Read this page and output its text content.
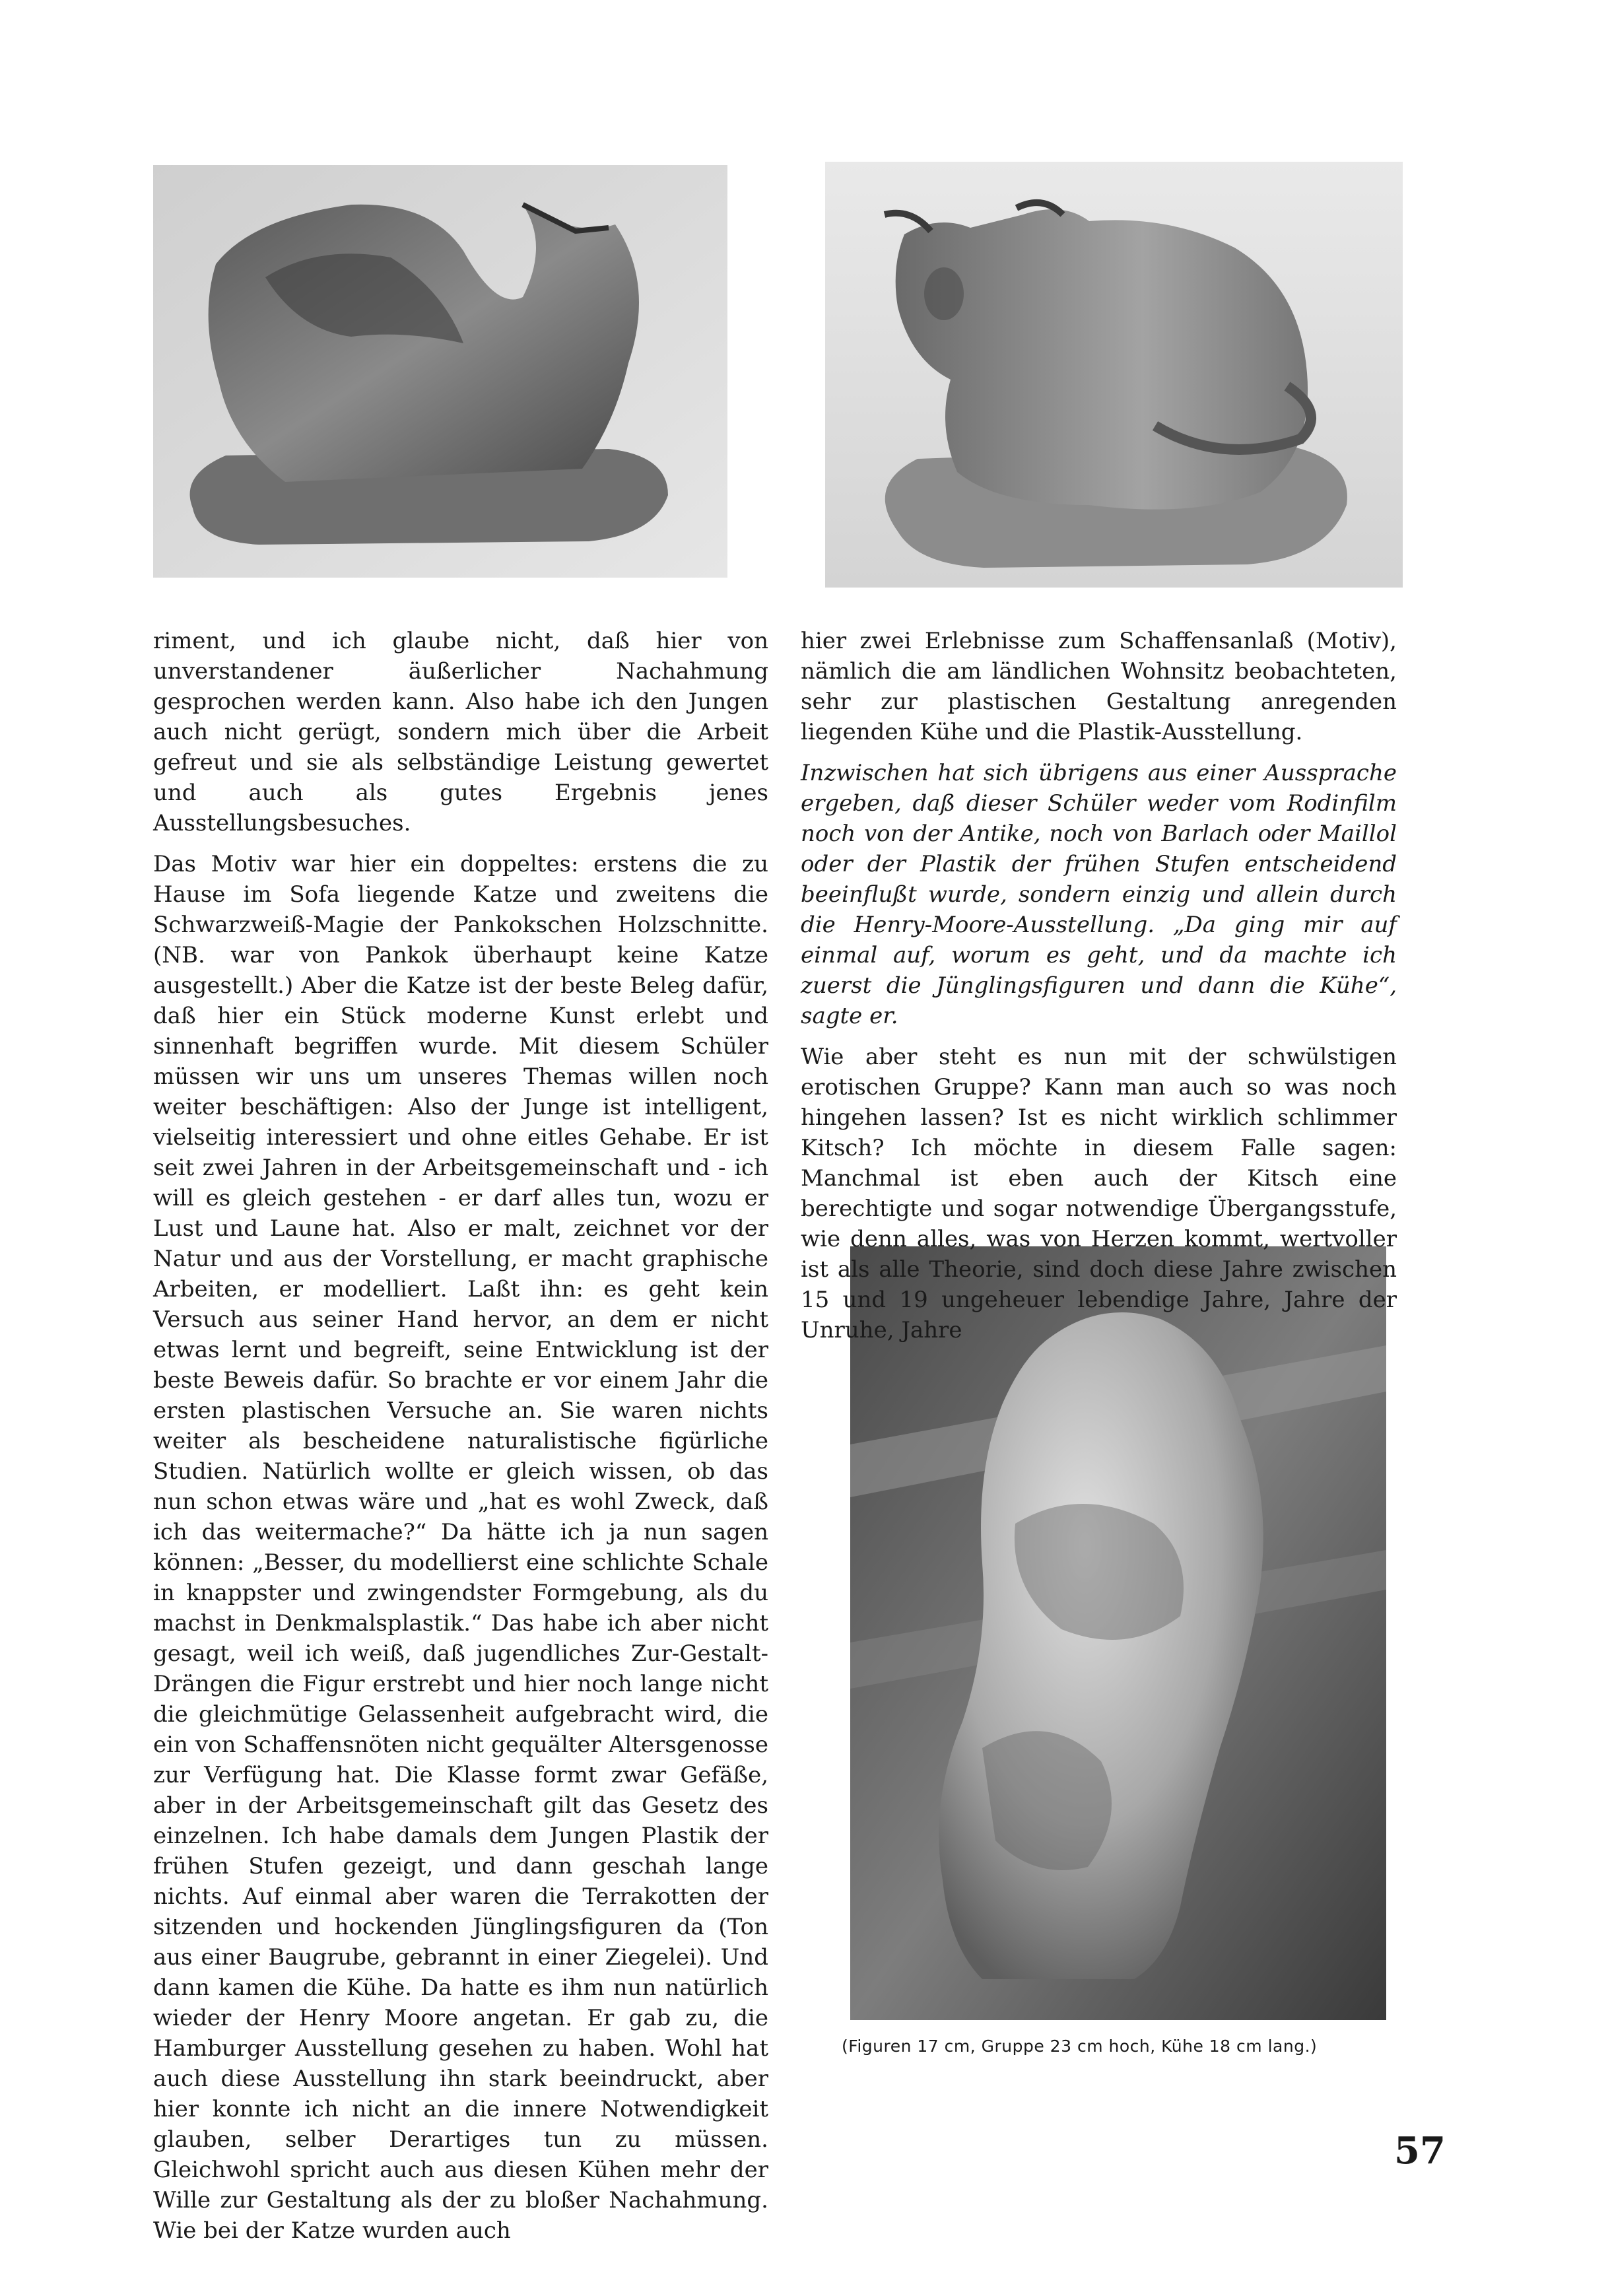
riment, und ich glaube nicht, daß hier von unverstandener äußerlicher Nachahmung gesprochen werden kann. Also habe ich den Jungen auch nicht gerügt, sondern mich über die Arbeit gefreut und sie als selbständige Leistung gewertet und auch als gutes Ergebnis jenes Ausstellungsbesuches.

Das Motiv war hier ein doppeltes: erstens die zu Hause im Sofa liegende Katze und zweitens die Schwarzweiß-Magie der Pankokschen Holzschnitte. (NB. war von Pankok überhaupt keine Katze ausgestellt.) Aber die Katze ist der beste Beleg dafür, daß hier ein Stück moderne Kunst erlebt und sinnenhaft begriffen wurde. Mit diesem Schüler müssen wir uns um unseres Themas willen noch weiter beschäftigen: Also der Junge ist intelligent, vielseitig interessiert und ohne eitles Gehabe. Er ist seit zwei Jahren in der Arbeitsgemeinschaft und - ich will es gleich gestehen - er darf alles tun, wozu er Lust und Laune hat. Also er malt, zeichnet vor der Natur und aus der Vorstellung, er macht graphische Arbeiten, er modelliert. Laßt ihn: es geht kein Versuch aus seiner Hand hervor, an dem er nicht etwas lernt und begreift, seine Entwicklung ist der beste Beweis dafür. So brachte er vor einem Jahr die ersten plastischen Versuche an. Sie waren nichts weiter als bescheidene naturalistische figürliche Studien. Natürlich wollte er gleich wissen, ob das nun schon etwas wäre und „hat es wohl Zweck, daß ich das weitermache?“ Da hätte ich ja nun sagen können: „Besser, du modellierst eine schlichte Schale in knappster und zwingendster Formgebung, als du machst in Denkmalsplastik.“ Das habe ich aber nicht gesagt, weil ich weiß, daß jugendliches Zur-Gestalt-Drängen die Figur erstrebt und hier noch lange nicht die gleichmütige Gelassenheit aufgebracht wird, die ein von Schaffensnöten nicht gequälter Altersgenosse zur Verfügung hat. Die Klasse formt zwar Gefäße, aber in der Arbeitsgemeinschaft gilt das Gesetz des einzelnen. Ich habe damals dem Jungen Plastik der frühen Stufen gezeigt, und dann geschah lange nichts. Auf einmal aber waren die Terrakotten der sitzenden und hockenden Jünglingsfiguren da (Ton aus einer Baugrube, gebrannt in einer Ziegelei). Und dann kamen die Kühe. Da hatte es ihm nun natürlich wieder der Henry Moore angetan. Er gab zu, die Hamburger Ausstellung gesehen zu haben. Wohl hat auch diese Ausstellung ihn stark beeindruckt, aber hier konnte ich nicht an die innere Notwendigkeit glauben, selber Derartiges tun zu müssen. Gleichwohl spricht auch aus diesen Kühen mehr der Wille zur Gestaltung als der zu bloßer Nachahmung. Wie bei der Katze wurden auch

hier zwei Erlebnisse zum Schaffensanlaß (Motiv), nämlich die am ländlichen Wohnsitz beobachteten, sehr zur plastischen Gestaltung anregenden liegenden Kühe und die Plastik-Ausstellung.

Inzwischen hat sich übrigens aus einer Aussprache ergeben, daß dieser Schüler weder vom Rodinfilm noch von der Antike, noch von Barlach oder Maillol oder der Plastik der frühen Stufen entscheidend beeinflußt wurde, sondern einzig und allein durch die Henry-Moore-Ausstellung. „Da ging mir auf einmal auf, worum es geht, und da machte ich zuerst die Jünglingsfiguren und dann die Kühe“, sagte er.

Wie aber steht es nun mit der schwülstigen erotischen Gruppe? Kann man auch so was noch hingehen lassen? Ist es nicht wirklich schlimmer Kitsch? Ich möchte in diesem Falle sagen: Manchmal ist eben auch der Kitsch eine berechtigte und sogar notwendige Übergangsstufe, wie denn alles, was von Herzen kommt, wertvoller ist als alle Theorie, sind doch diese Jahre zwischen 15 und 19 ungeheuer lebendige Jahre, Jahre der Unruhe, Jahre

(Figuren 17 cm, Gruppe 23 cm hoch, Kühe 18 cm lang.)
57
